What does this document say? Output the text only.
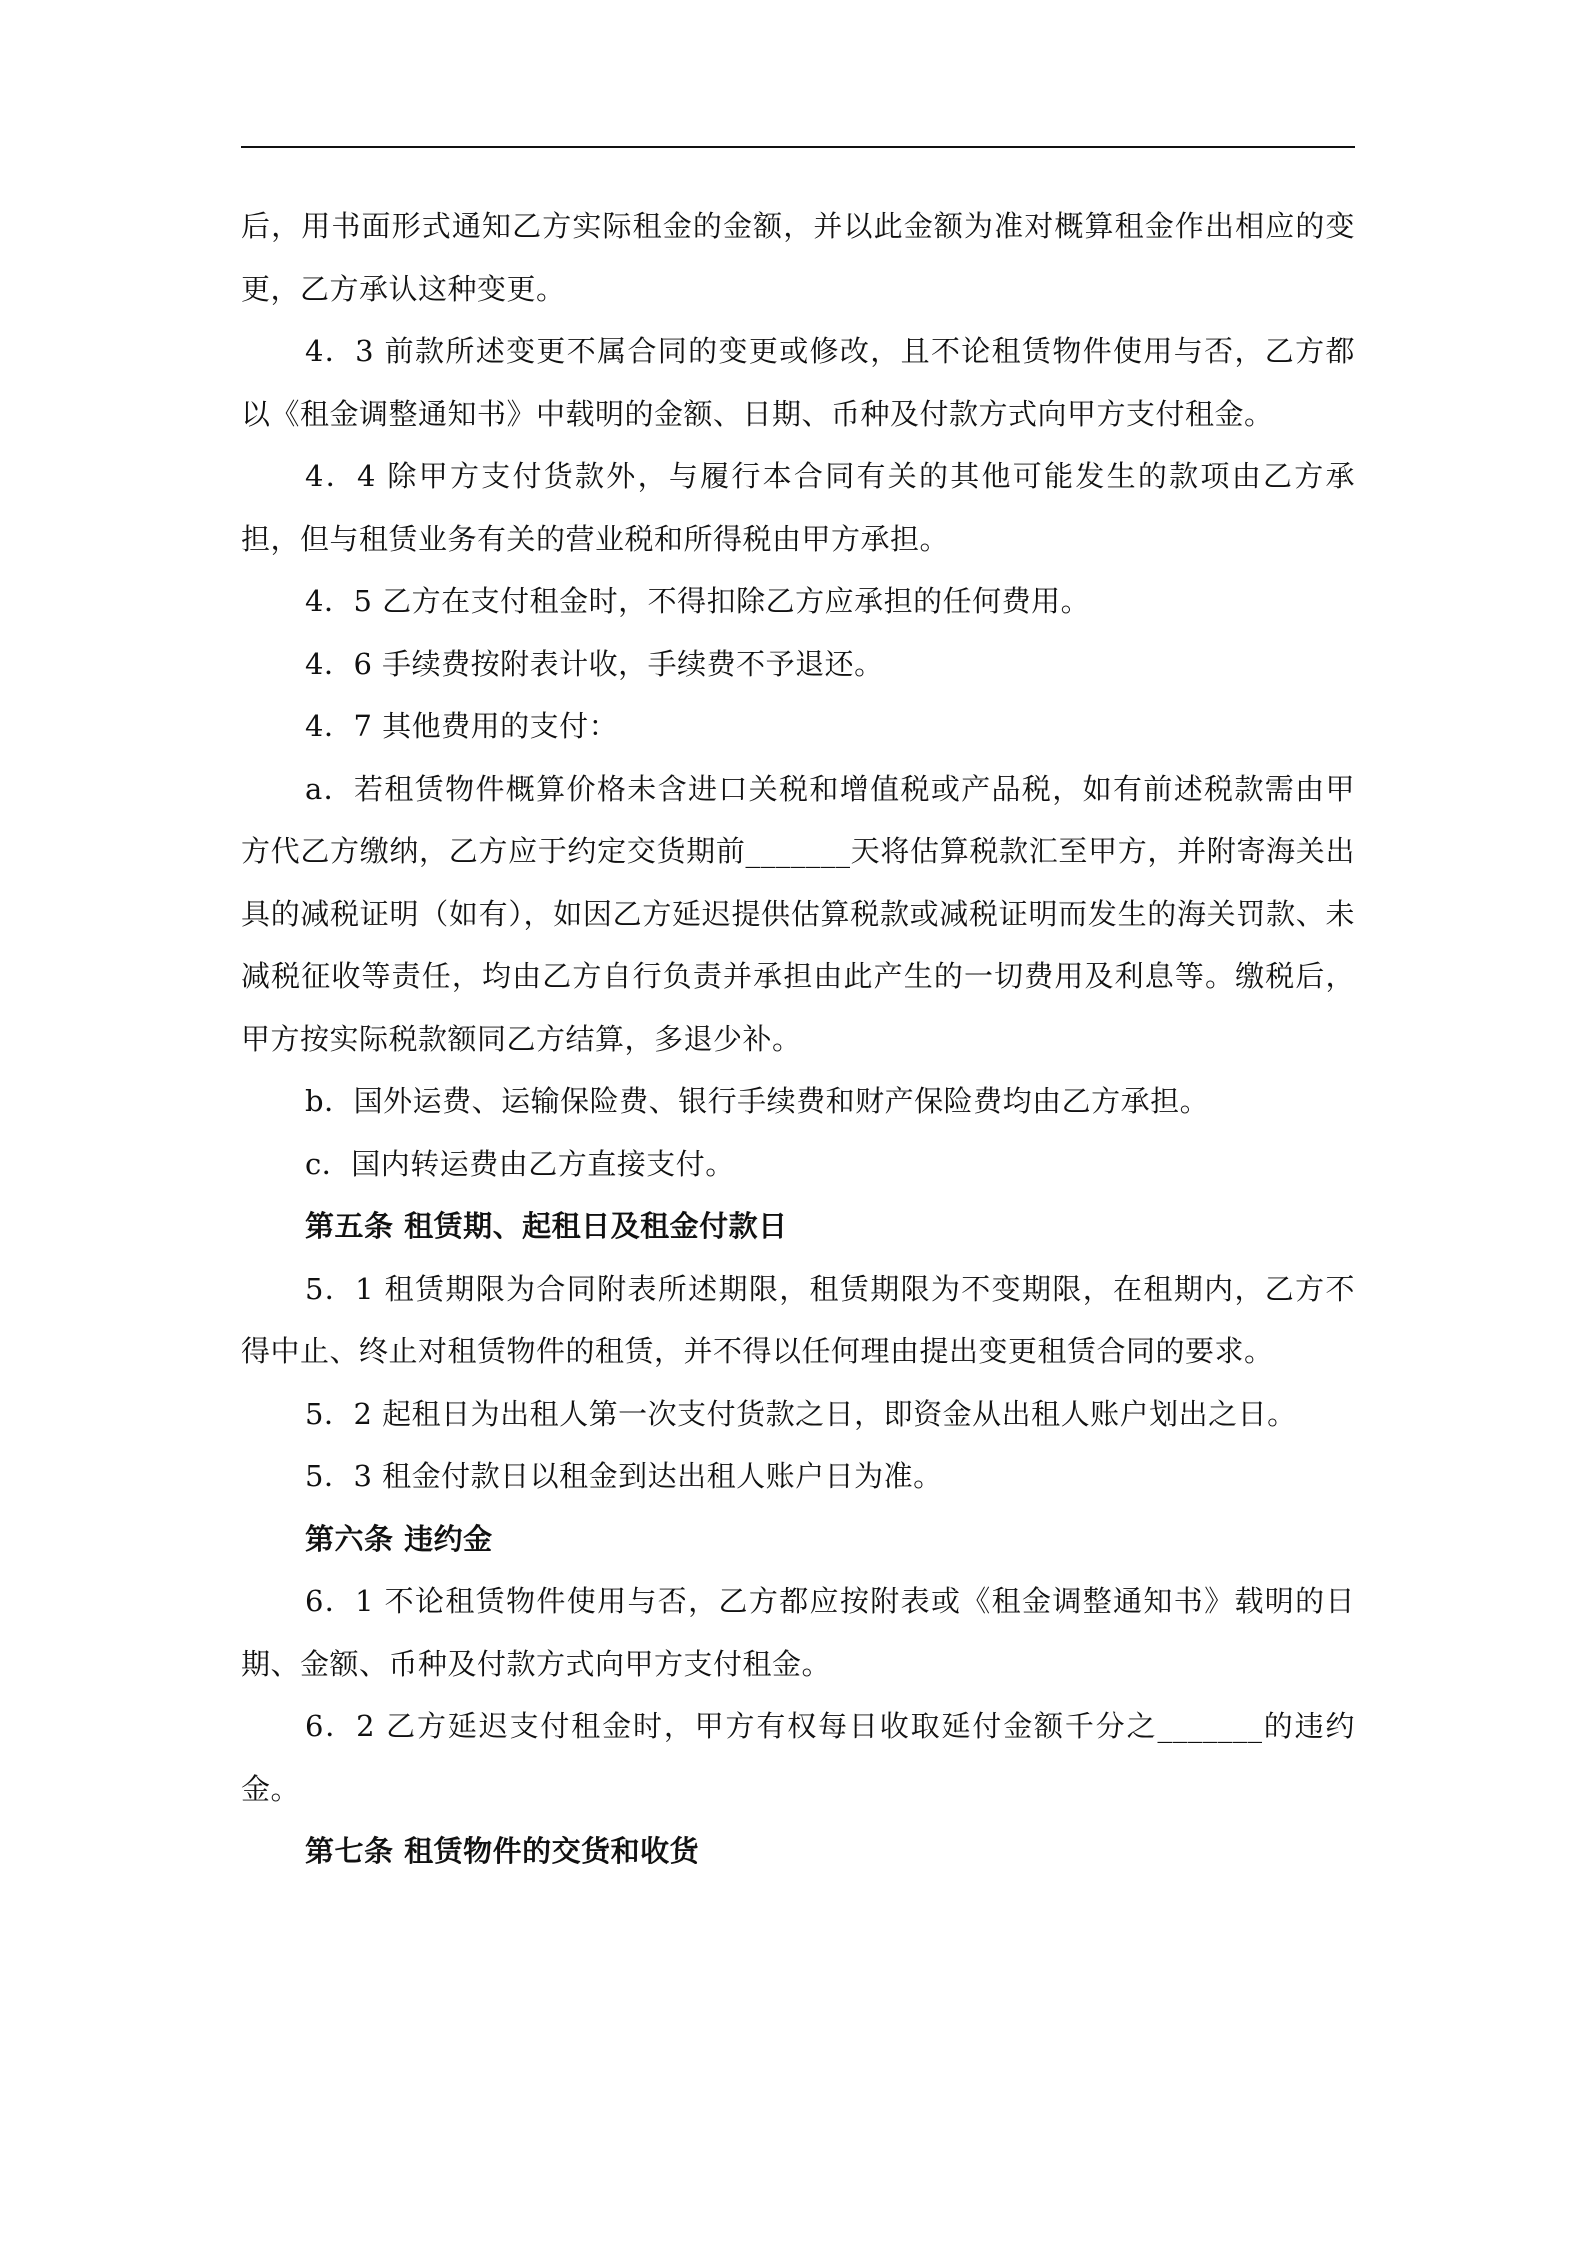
后，用书面形式通知乙方实际租金的金额，并以此金额为准对概算租金作出相应的变更，乙方承认这种变更。

4．3 前款所述变更不属合同的变更或修改，且不论租赁物件使用与否，乙方都以《租金调整通知书》中载明的金额、日期、币种及付款方式向甲方支付租金。

4．4 除甲方支付货款外，与履行本合同有关的其他可能发生的款项由乙方承担，但与租赁业务有关的营业税和所得税由甲方承担。

4．5 乙方在支付租金时，不得扣除乙方应承担的任何费用。

4．6 手续费按附表计收，手续费不予退还。

4．7 其他费用的支付：

a．若租赁物件概算价格未含进口关税和增值税或产品税，如有前述税款需由甲方代乙方缴纳，乙方应于约定交货期前_______天将估算税款汇至甲方，并附寄海关出具的减税证明（如有），如因乙方延迟提供估算税款或减税证明而发生的海关罚款、未减税征收等责任，均由乙方自行负责并承担由此产生的一切费用及利息等。缴税后，甲方按实际税款额同乙方结算，多退少补。

b．国外运费、运输保险费、银行手续费和财产保险费均由乙方承担。

c．国内转运费由乙方直接支付。

第五条 租赁期、起租日及租金付款日

5．1 租赁期限为合同附表所述期限，租赁期限为不变期限，在租期内，乙方不得中止、终止对租赁物件的租赁，并不得以任何理由提出变更租赁合同的要求。

5．2 起租日为出租人第一次支付货款之日，即资金从出租人账户划出之日。

5．3 租金付款日以租金到达出租人账户日为准。

第六条 违约金

6．1 不论租赁物件使用与否，乙方都应按附表或《租金调整通知书》载明的日期、金额、币种及付款方式向甲方支付租金。

6．2 乙方延迟支付租金时，甲方有权每日收取延付金额千分之_______的违约金。

第七条 租赁物件的交货和收货
